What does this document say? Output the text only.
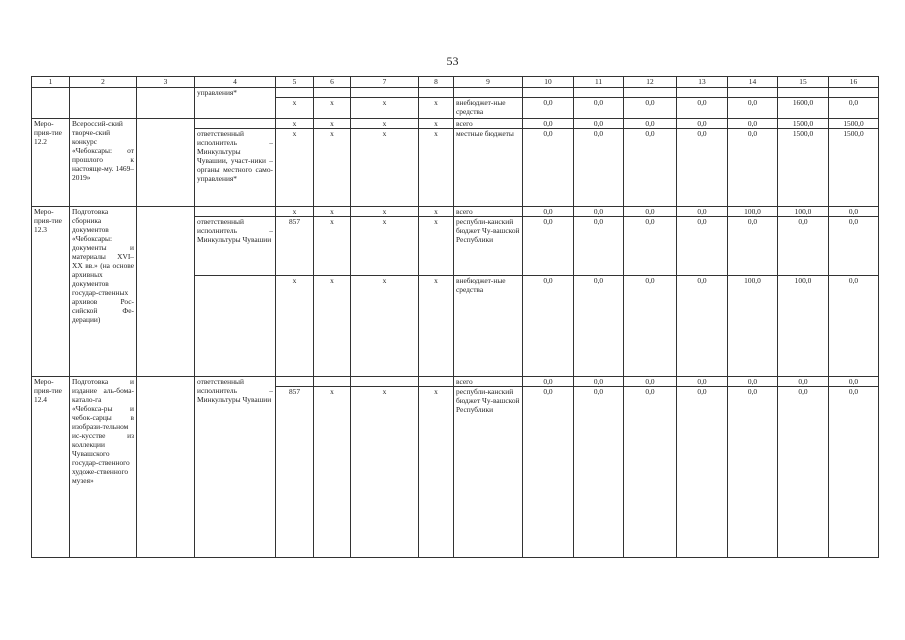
53
1	2	3	4	5	6	7	8	9	10	11	12	13	14	15	16
			управления*												
				х	х	х	х	внебюджет-ные средства	0,0	0,0	0,0	0,0	0,0	1600,0	0,0
Меро-прия-тие 12.2	Всероссий-ский творче-ский конкурс «Чебоксары: от прошлого к настояще-му. 1469–2019»			х	х	х	х	всего	0,0	0,0	0,0	0,0	0,0	1500,0	1500,0
			ответственный исполнитель – Минкультуры Чувашии, участ-ники – органы местного само-управления*	х	х	х	х	местные бюджеты	0,0	0,0	0,0	0,0	0,0	1500,0	1500,0
Меро-прия-тие 12.3	Подготовка сборника документов «Чебоксары: документы и материалы XVI–XX вв.» (на основе архивных документов государ-ственных архивов Рос-сийской Фе-дерации)			х	х	х	х	всего	0,0	0,0	0,0	0,0	100,0	100,0	0,0
			ответственный исполнитель – Минкультуры Чувашии	857	х	х	х	республи-канский бюджет Чу-вашской Республики	0,0	0,0	0,0	0,0	0,0	0,0	0,0
				х	х	х	х	внебюджет-ные средства	0,0	0,0	0,0	0,0	100,0	100,0	0,0
Меро-прия-тие 12.4	Подготовка и издание аль-бома-катало-га «Чебокса-ры и чебок-сарцы в изобрази-тельном ис-кусстве из коллекции Чувашского государ-ственного художе-ственного музея»		ответственный исполнитель – Минкультуры Чувашии					всего	0,0	0,0	0,0	0,0	0,0	0,0	0,0
				857	х	х	х	республи-канский бюджет Чу-вашской Республики	0,0	0,0	0,0	0,0	0,0	0,0	0,0
